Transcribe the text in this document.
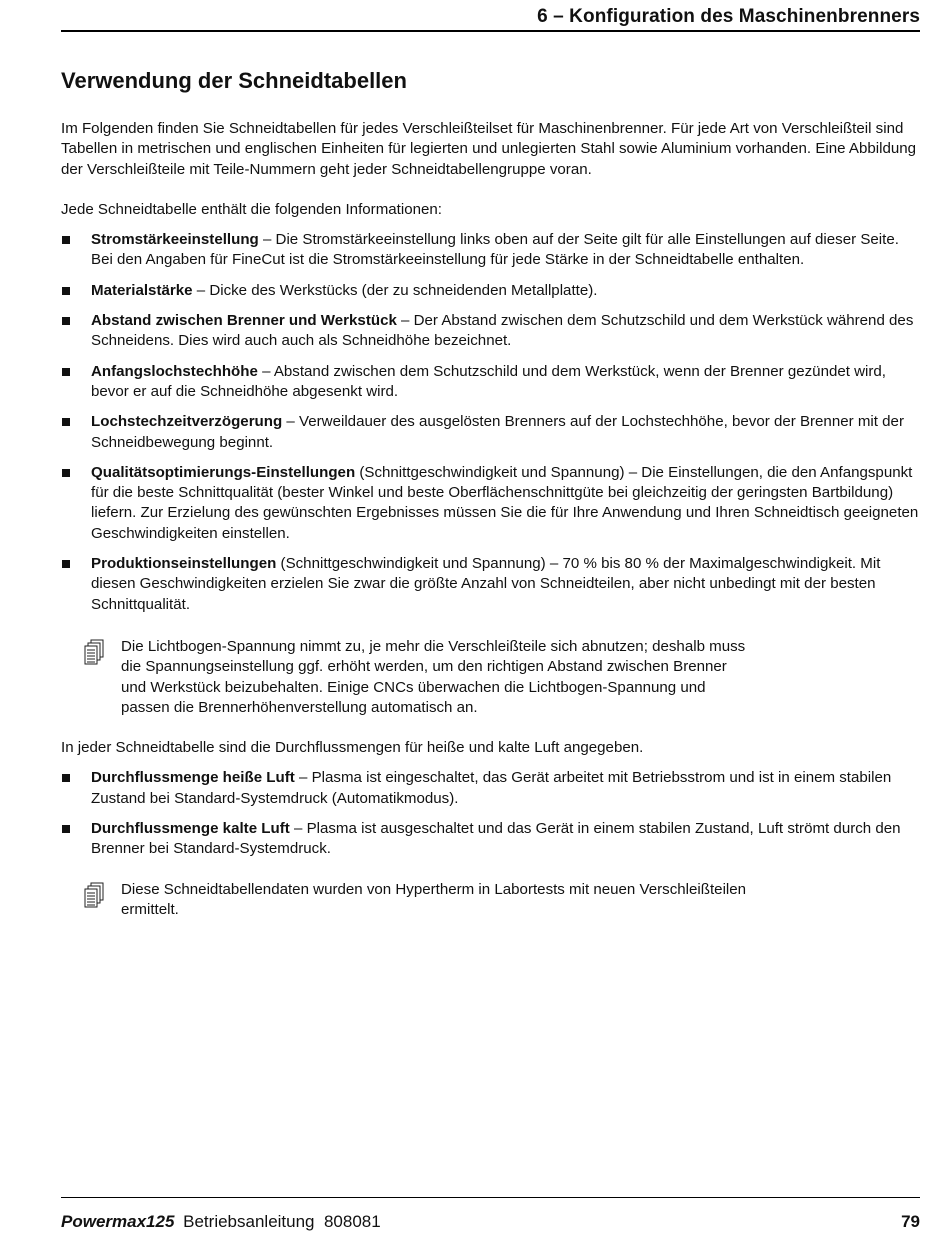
6 – Konfiguration des Maschinenbrenners
Verwendung der Schneidtabellen

Im Folgenden finden Sie Schneidtabellen für jedes Verschleißteilset für Maschinenbrenner. Für jede Art von Verschleißteil sind Tabellen in metrischen und englischen Einheiten für legierten und unlegierten Stahl sowie Aluminium vorhanden. Eine Abbildung der Verschleißteile mit Teile-Nummern geht jeder Schneidtabellengruppe voran.

Jede Schneidtabelle enthält die folgenden Informationen:

Stromstärkeeinstellung – Die Stromstärkeeinstellung links oben auf der Seite gilt für alle Einstellungen auf dieser Seite. Bei den Angaben für FineCut ist die Stromstärkeeinstellung für jede Stärke in der Schneidtabelle enthalten.
Materialstärke – Dicke des Werkstücks (der zu schneidenden Metallplatte).
Abstand zwischen Brenner und Werkstück – Der Abstand zwischen dem Schutzschild und dem Werkstück während des Schneidens. Dies wird auch auch als Schneidhöhe bezeichnet.
Anfangslochstechhöhe – Abstand zwischen dem Schutzschild und dem Werkstück, wenn der Brenner gezündet wird, bevor er auf die Schneidhöhe abgesenkt wird.
Lochstechzeitverzögerung – Verweildauer des ausgelösten Brenners auf der Lochstechhöhe, bevor der Brenner mit der Schneidbewegung beginnt.
Qualitätsoptimierungs-Einstellungen (Schnittgeschwindigkeit und Spannung) – Die Einstellungen, die den Anfangspunkt für die beste Schnittqualität (bester Winkel und beste Oberflächenschnittgüte bei gleichzeitig der geringsten Bartbildung) liefern. Zur Erzielung des gewünschten Ergebnisses müssen Sie die für Ihre Anwendung und Ihren Schneidtisch geeigneten Geschwindigkeiten einstellen.
Produktionseinstellungen (Schnittgeschwindigkeit und Spannung) – 70 % bis 80 % der Maximalgeschwindigkeit. Mit diesen Geschwindigkeiten erzielen Sie zwar die größte Anzahl von Schneidteilen, aber nicht unbedingt mit der besten Schnittqualität.

Die Lichtbogen-Spannung nimmt zu, je mehr die Verschleißteile sich abnutzen; deshalb muss die Spannungseinstellung ggf. erhöht werden, um den richtigen Abstand zwischen Brenner und Werkstück beizubehalten. Einige CNCs überwachen die Lichtbogen-Spannung und passen die Brennerhöhenverstellung automatisch an.

In jeder Schneidtabelle sind die Durchflussmengen für heiße und kalte Luft angegeben.

Durchflussmenge heiße Luft – Plasma ist eingeschaltet, das Gerät arbeitet mit Betriebsstrom und ist in einem stabilen Zustand bei Standard-Systemdruck (Automatikmodus).
Durchflussmenge kalte Luft – Plasma ist ausgeschaltet und das Gerät in einem stabilen Zustand, Luft strömt durch den Brenner bei Standard-Systemdruck.

Diese Schneidtabellendaten wurden von Hypertherm in Labortests mit neuen Verschleißteilen ermittelt.

Powermax125 Betriebsanleitung  808081	79
